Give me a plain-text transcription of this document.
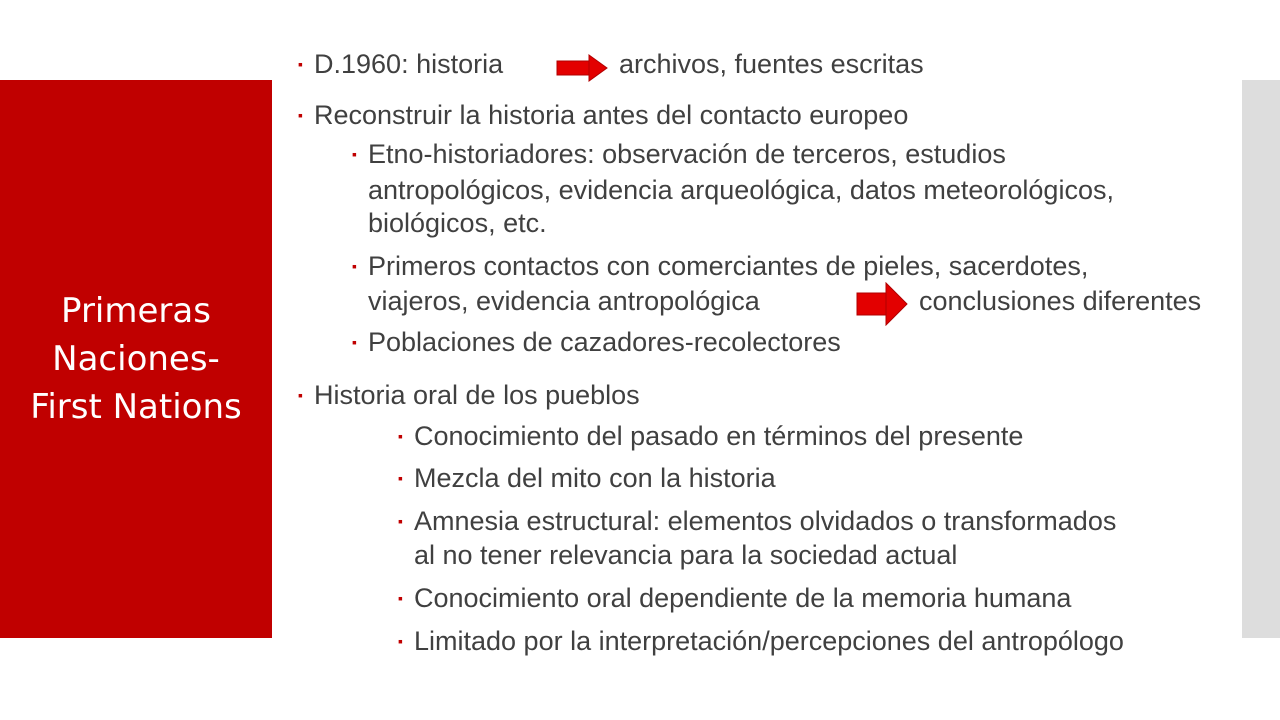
Primeras
Naciones-
First Nations
▪ D.1960: historia	archivos, fuentes escritas
▪ Reconstruir la historia antes del contacto europeo
▪ Etno-historiadores: observación de terceros, estudios
antropológicos, evidencia arqueológica, datos meteorológicos,
biológicos, etc.
▪ Primeros contactos con comerciantes de pieles, sacerdotes,
viajeros, evidencia antropológica	conclusiones diferentes
▪ Poblaciones de cazadores-recolectores
▪ Historia oral de los pueblos
▪ Conocimiento del pasado en términos del presente
▪ Mezcla del mito con la historia
▪ Amnesia estructural: elementos olvidados o transformados
al no tener relevancia para la sociedad actual
▪ Conocimiento oral dependiente de la memoria humana
▪ Limitado por la interpretación/percepciones del antropólogo
